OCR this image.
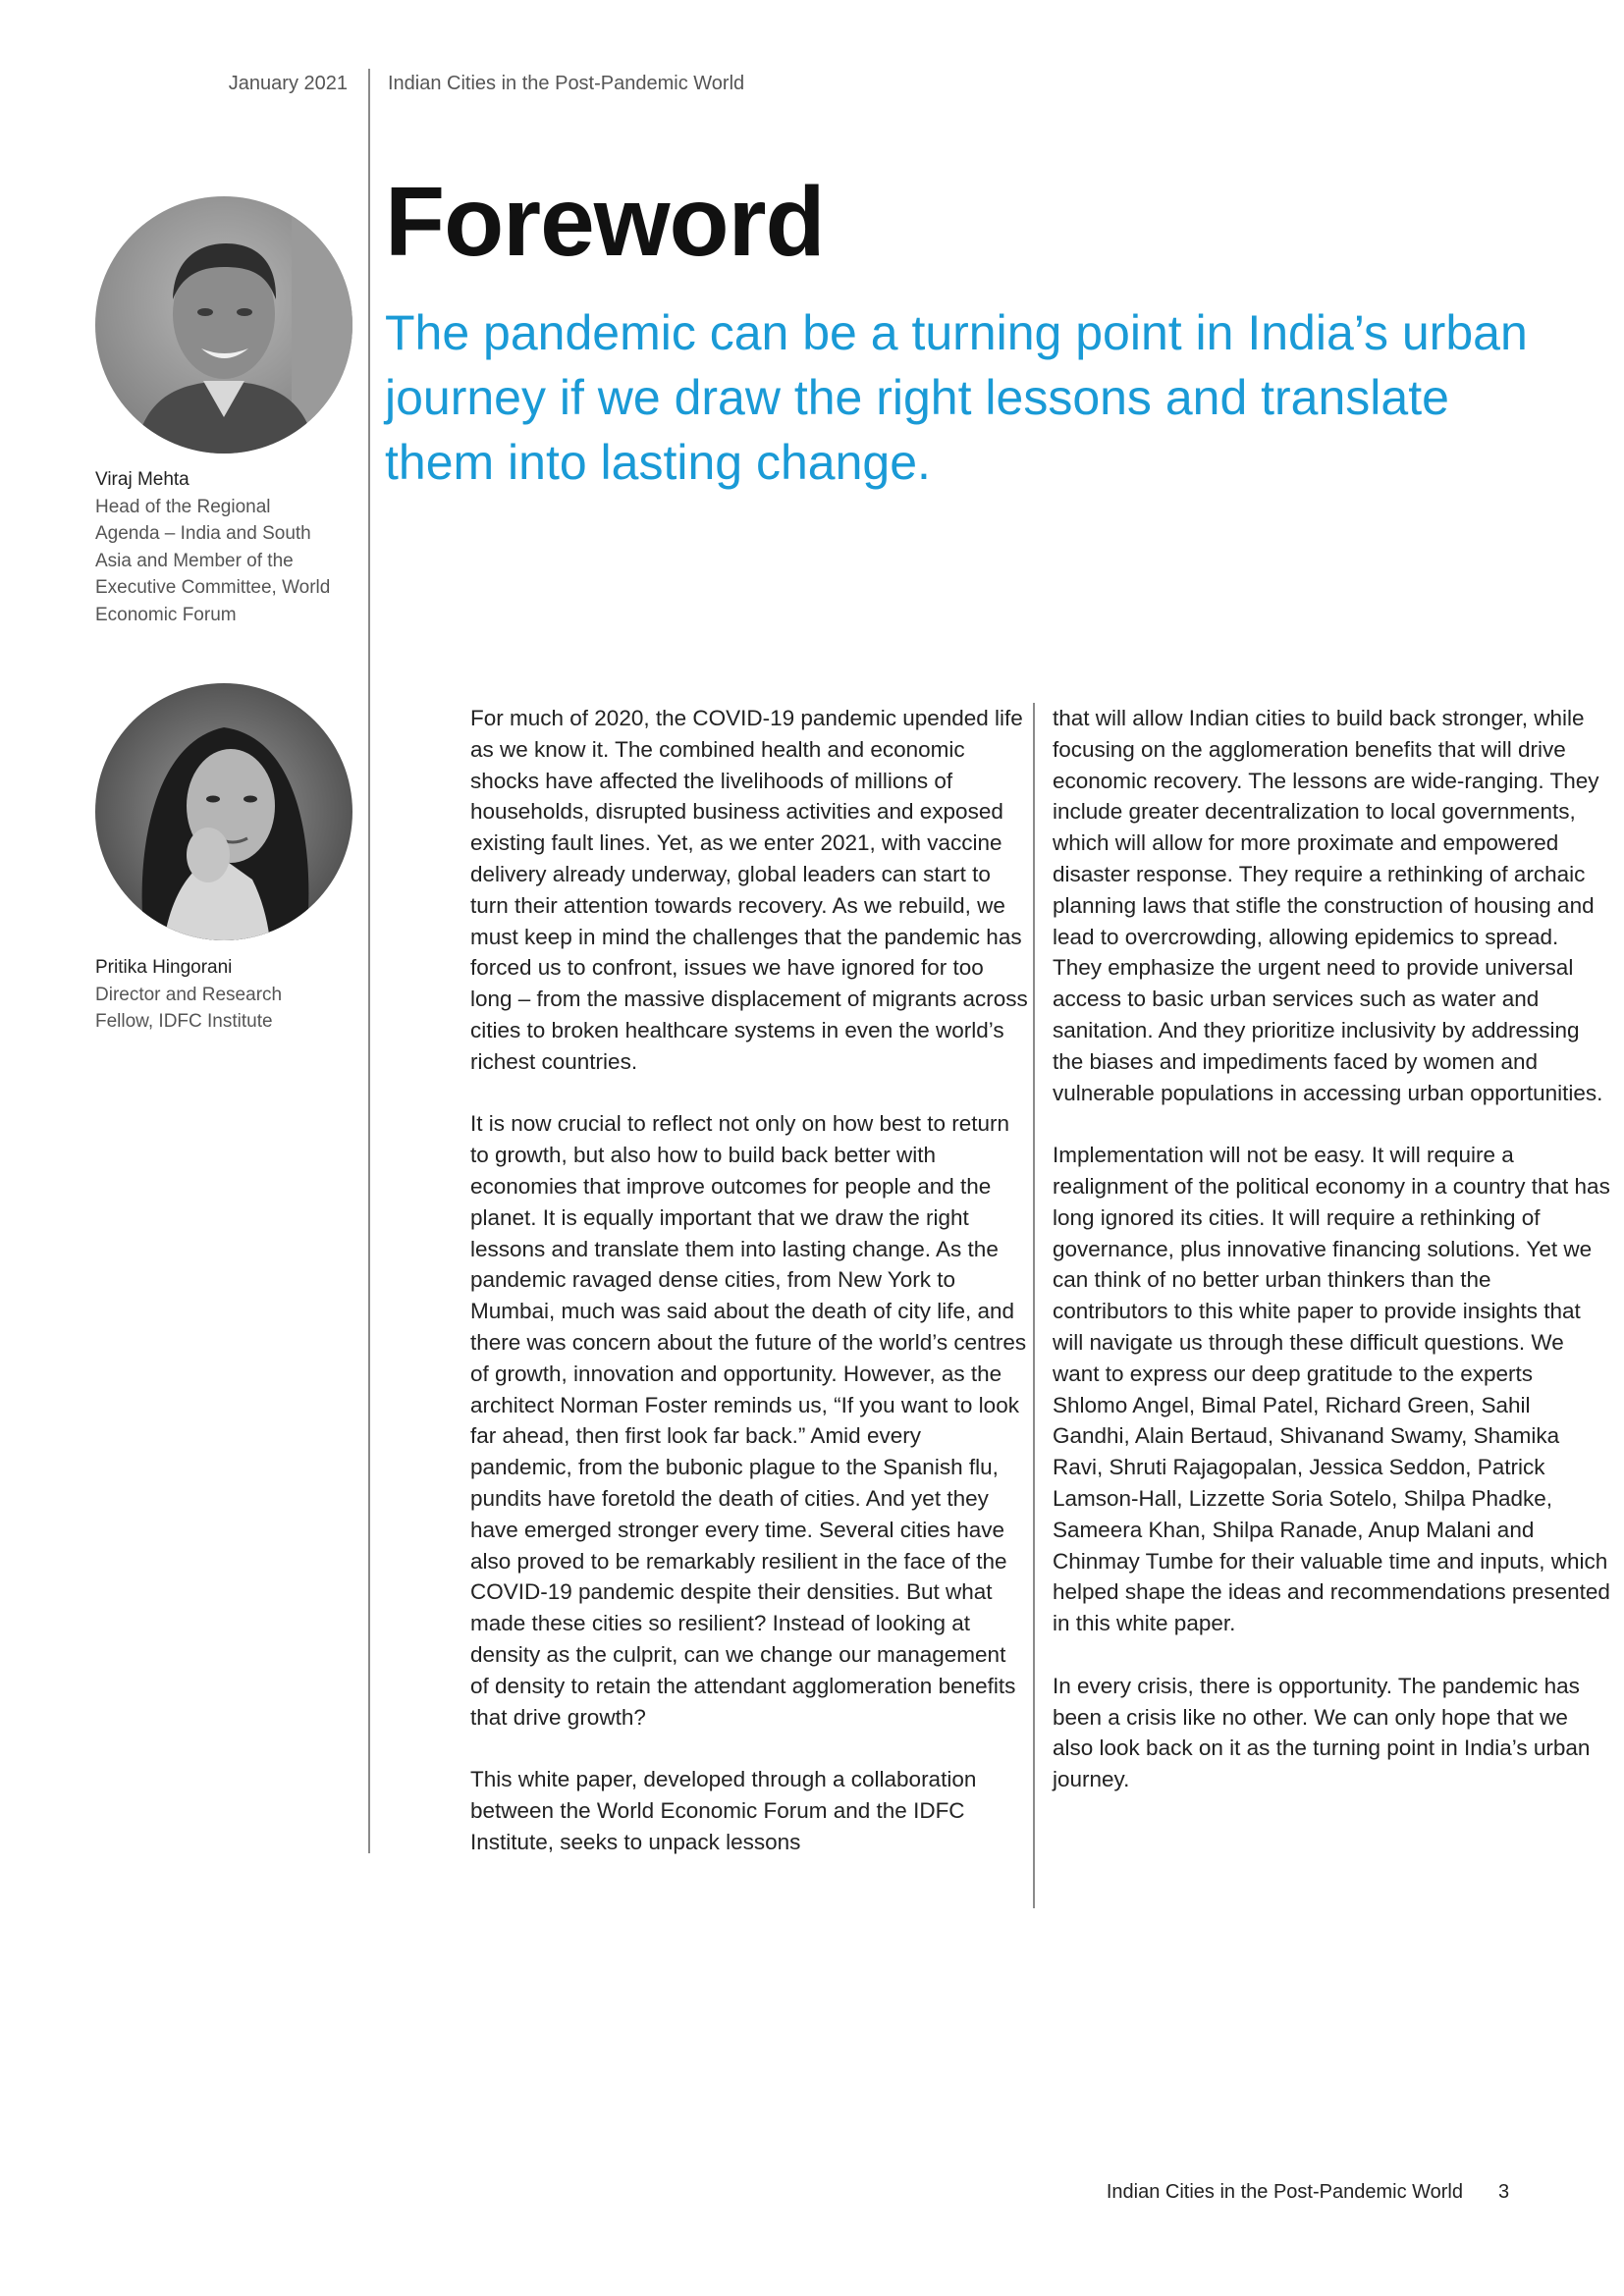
January 2021 Indian Cities in the Post-Pandemic World
Foreword

The pandemic can be a turning point in India’s urban journey if we draw the right lessons and translate them into lasting change.

Viraj Mehta
Head of the Regional Agenda – India and South Asia and Member of the Executive Committee, World Economic Forum
Pritika Hingorani
Director and Research Fellow, IDFC Institute

For much of 2020, the COVID-19 pandemic upended life as we know it. The combined health and economic shocks have affected the livelihoods of millions of households, disrupted business activities and exposed existing fault lines. Yet, as we enter 2021, with vaccine delivery already underway, global leaders can start to turn their attention towards recovery. As we rebuild, we must keep in mind the challenges that the pandemic has forced us to confront, issues we have ignored for too long – from the massive displacement of migrants across cities to broken healthcare systems in even the world’s richest countries.

It is now crucial to reflect not only on how best to return to growth, but also how to build back better with economies that improve outcomes for people and the planet. It is equally important that we draw the right lessons and translate them into lasting change. As the pandemic ravaged dense cities, from New York to Mumbai, much was said about the death of city life, and there was concern about the future of the world’s centres of growth, innovation and opportunity. However, as the architect Norman Foster reminds us, “If you want to look far ahead, then first look far back.” Amid every pandemic, from the bubonic plague to the Spanish flu, pundits have foretold the death of cities. And yet they have emerged stronger every time. Several cities have also proved to be remarkably resilient in the face of the COVID-19 pandemic despite their densities. But what made these cities so resilient? Instead of looking at density as the culprit, can we change our management of density to retain the attendant agglomeration benefits that drive growth?

This white paper, developed through a collaboration between the World Economic Forum and the IDFC Institute, seeks to unpack lessons

that will allow Indian cities to build back stronger, while focusing on the agglomeration benefits that will drive economic recovery. The lessons are wide-ranging. They include greater decentralization to local governments, which will allow for more proximate and empowered disaster response. They require a rethinking of archaic planning laws that stifle the construction of housing and lead to overcrowding, allowing epidemics to spread. They emphasize the urgent need to provide universal access to basic urban services such as water and sanitation. And they prioritize inclusivity by addressing the biases and impediments faced by women and vulnerable populations in accessing urban opportunities.

Implementation will not be easy. It will require a realignment of the political economy in a country that has long ignored its cities. It will require a rethinking of governance, plus innovative financing solutions. Yet we can think of no better urban thinkers than the contributors to this white paper to provide insights that will navigate us through these difficult questions. We want to express our deep gratitude to the experts Shlomo Angel, Bimal Patel, Richard Green, Sahil Gandhi, Alain Bertaud, Shivanand Swamy, Shamika Ravi, Shruti Rajagopalan, Jessica Seddon, Patrick Lamson-Hall, Lizzette Soria Sotelo, Shilpa Phadke, Sameera Khan, Shilpa Ranade, Anup Malani and Chinmay Tumbe for their valuable time and inputs, which helped shape the ideas and recommendations presented in this white paper.

In every crisis, there is opportunity. The pandemic has been a crisis like no other. We can only hope that we also look back on it as the turning point in India’s urban journey.

Indian Cities in the Post-Pandemic World 3
